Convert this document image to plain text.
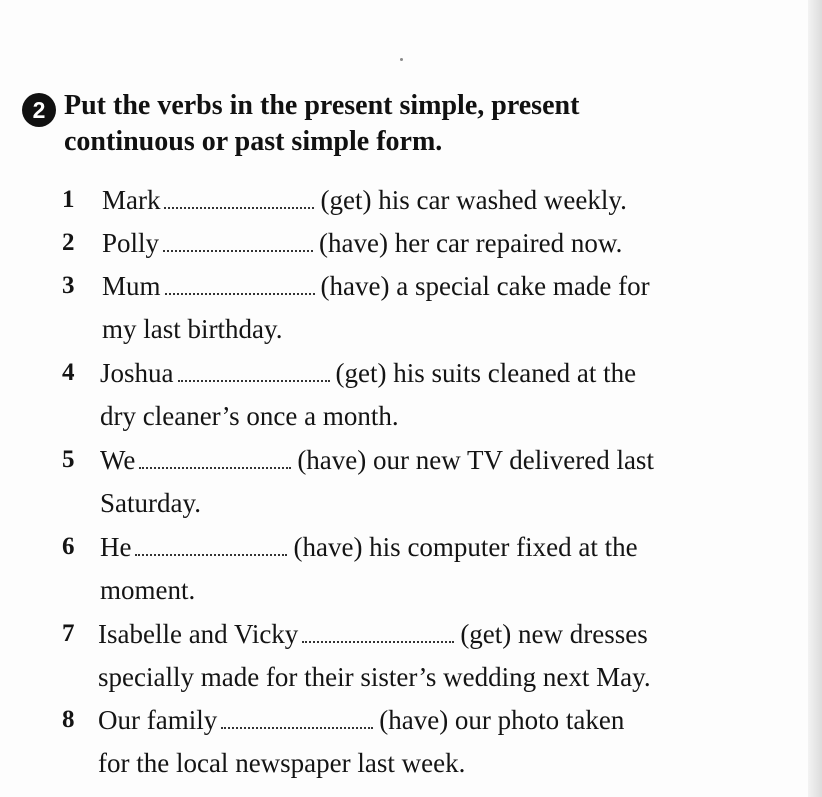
2 Put the verbs in the present simple, present
continuous or past simple form.
1 Mark	(get) his car washed weekly.
2 Polly	(have) her car repaired now.
3 Mum	(have) a special cake made for
my last birthday.
4 Joshua	(get) his suits cleaned at the
dry cleaner’s once a month.
5 We	(have) our new TV delivered last
Saturday.
6 He	(have) his computer fixed at the
moment.
7 Isabelle and Vicky	(get) new dresses
specially made for their sister’s wedding next May.
8 Our family	(have) our photo taken
for the local newspaper last week.
